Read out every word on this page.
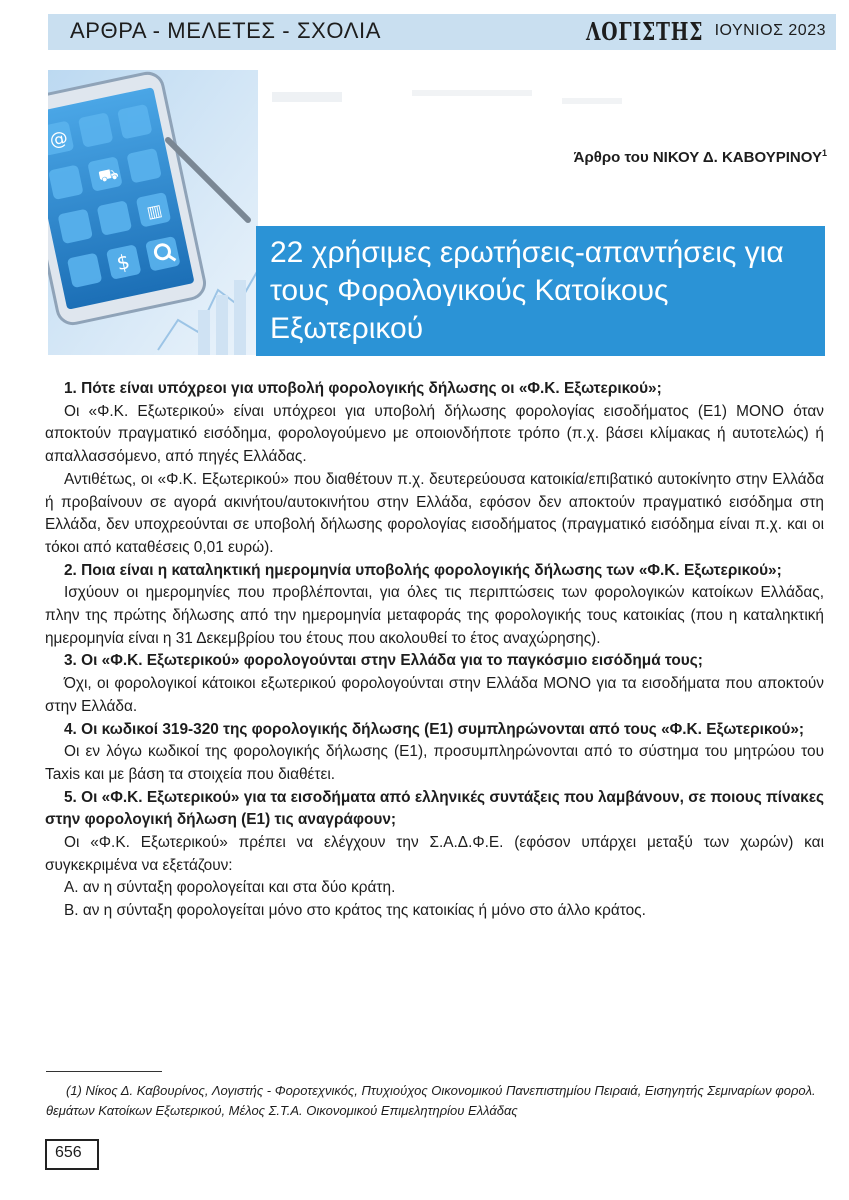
ΑΡΘΡΑ - ΜΕΛΕΤΕΣ - ΣΧΟΛΙΑ	ΛΟΓΙΣΤΗΣ ΙΟΥΝΙΟΣ 2023
@
⛟
▥
$
Άρθρο του ΝΙΚΟΥ Δ. ΚΑΒΟΥΡΙΝΟΥ$^1$
22 χρήσιμες ερωτήσεις-απαντήσεις για τους Φορολογικούς Κατοίκους Εξωτερικού

1. Πότε είναι υπόχρεοι για υποβολή φορολογικής δήλωσης οι «Φ.Κ. Εξωτερικού»;

Οι «Φ.Κ. Εξωτερικού» είναι υπόχρεοι για υποβολή δήλωσης φορολογίας εισοδήματος (Ε1) ΜΟΝΟ όταν αποκτούν πραγματικό εισόδημα, φορολογούμενο με οποιονδήποτε τρόπο (π.χ. βάσει κλίμακας ή αυτοτελώς) ή απαλλασσόμενο, από πηγές Ελλάδας.

Αντιθέτως, οι «Φ.Κ. Εξωτερικού» που διαθέτουν π.χ. δευτερεύουσα κατοικία/επιβατικό αυτοκίνητο στην Ελλάδα ή προβαίνουν σε αγορά ακινήτου/αυτοκινήτου στην Ελλάδα, εφόσον δεν αποκτούν πραγματικό εισόδημα στη Ελλάδα, δεν υποχρεούνται σε υποβολή δήλωσης φορολογίας εισοδήματος (πραγματικό εισόδημα είναι π.χ. και οι τόκοι από καταθέσεις 0,01 ευρώ).

2. Ποια είναι η καταληκτική ημερομηνία υποβολής φορολογικής δήλωσης των «Φ.Κ. Εξωτερικού»;

Ισχύουν οι ημερομηνίες που προβλέπονται, για όλες τις περιπτώσεις των φορολογικών κατοίκων Ελλάδας, πλην της πρώτης δήλωσης από την ημερομηνία μεταφοράς της φορολογικής τους κατοικίας (που η καταληκτική ημερομηνία είναι η 31 Δεκεμβρίου του έτους που ακολουθεί το έτος αναχώρησης).

3. Οι «Φ.Κ. Εξωτερικού» φορολογούνται στην Ελλάδα για το παγκόσμιο εισόδημά τους;

Όχι, οι φορολογικοί κάτοικοι εξωτερικού φορολογούνται στην Ελλάδα ΜΟΝΟ για τα εισοδήματα που αποκτούν στην Ελλάδα.

4. Οι κωδικοί 319-320 της φορολογικής δήλωσης (Ε1) συμπληρώνονται από τους «Φ.Κ. Εξωτερικού»;

Οι εν λόγω κωδικοί της φορολογικής δήλωσης (Ε1), προσυμπληρώνονται από το σύστημα του μητρώου του Taxis και με βάση τα στοιχεία που διαθέτει.

5. Οι «Φ.Κ. Εξωτερικού» για τα εισοδήματα από ελληνικές συντάξεις που λαμβάνουν, σε ποιους πίνακες στην φορολογική δήλωση (Ε1) τις αναγράφουν;

Οι «Φ.Κ. Εξωτερικού» πρέπει να ελέγχουν την Σ.Α.Δ.Φ.Ε. (εφόσον υπάρχει μεταξύ των χωρών) και συγκεκριμένα να εξετάζουν:

Α. αν η σύνταξη φορολογείται και στα δύο κράτη.

Β. αν η σύνταξη φορολογείται μόνο στο κράτος της κατοικίας ή μόνο στο άλλο κράτος.

(1) Νίκος Δ. Καβουρίνος, Λογιστής - Φοροτεχνικός, Πτυχιούχος Οικονομικού Πανεπιστημίου Πειραιά, Εισηγητής Σεμιναρίων φορολ. θεμάτων Κατοίκων Εξωτερικού, Μέλος Σ.Τ.Α. Οικονομικού Επιμελητηρίου Ελλάδας
656
